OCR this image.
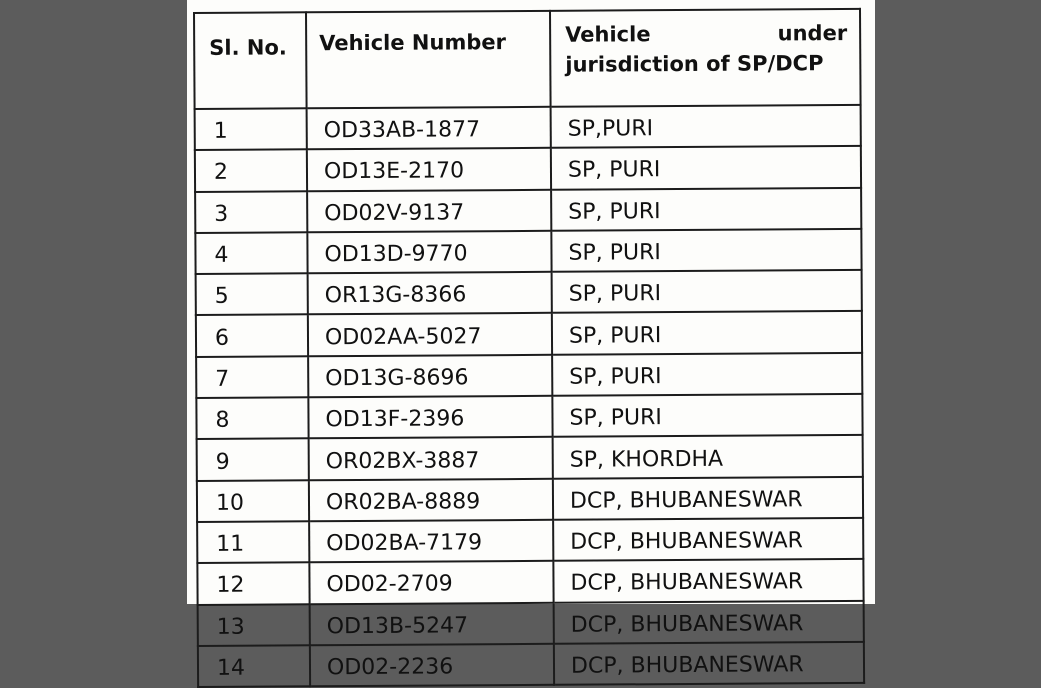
Sl. No.	Vehicle Number	Vehicle under jurisdiction of SP/DCP
1	OD33AB-1877	SP,PURI
2	OD13E-2170	SP, PURI
3	OD02V-9137	SP, PURI
4	OD13D-9770	SP, PURI
5	OR13G-8366	SP, PURI
6	OD02AA-5027	SP, PURI
7	OD13G-8696	SP, PURI
8	OD13F-2396	SP, PURI
9	OR02BX-3887	SP, KHORDHA
10	OR02BA-8889	DCP, BHUBANESWAR
11	OD02BA-7179	DCP, BHUBANESWAR
12	OD02-2709	DCP, BHUBANESWAR
13	OD13B-5247	DCP, BHUBANESWAR
14	OD02-2236	DCP, BHUBANESWAR
